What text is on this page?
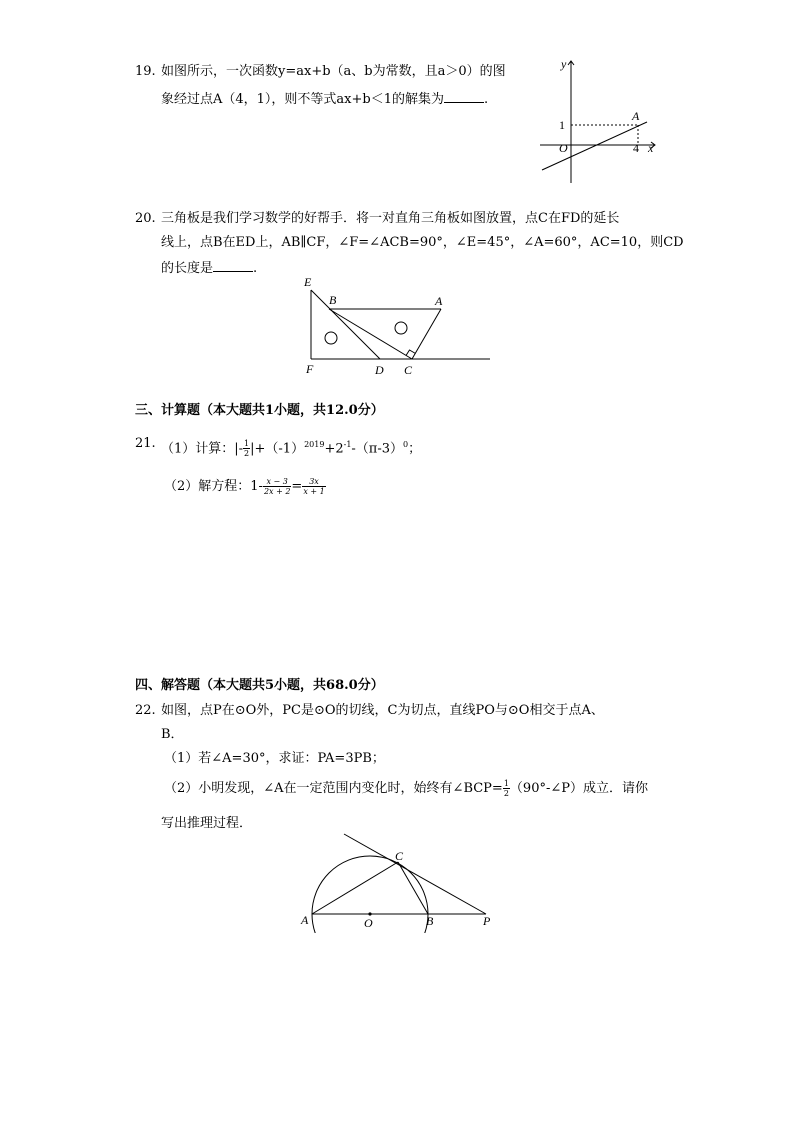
19. 如图所示，一次函数y=ax+b（a、b为常数，且a＞0）的图
象经过点A（4，1），则不等式ax+b＜1的解集为	.
y
x
O
1
4
A
20. 三角板是我们学习数学的好帮手．将一对直角三角板如图放置，点C在FD的延长
线上，点B在ED上，AB∥CF，∠F=∠ACB=90°，∠E=45°，∠A=60°，AC=10，则CD
的长度是	.
E
B	A
F	D C
三、计算题（本大题共1小题，共12.0分）
21. （1）计算：|- $\frac{1}{2} |+(-1)^{2019}+2^{-1}-(\pi-3)^0$；
（2）解方程：$1- \frac{x - 3}{2x + 2} = \frac{3x}{x + 1}$
四、解答题（本大题共5小题，共68.0分）
22. 如图，点P在⊙O外，PC是⊙O的切线，C为切点，直线PO与⊙O相交于点A、
B．
（1）若∠A=30°，求证：PA=3PB；
（2）小明发现，∠A在一定范围内变化时，始终有∠BCP= $\frac{1}{2}$ （90°-∠P）成立．请你
写出推理过程．
C
A	O	B	P
